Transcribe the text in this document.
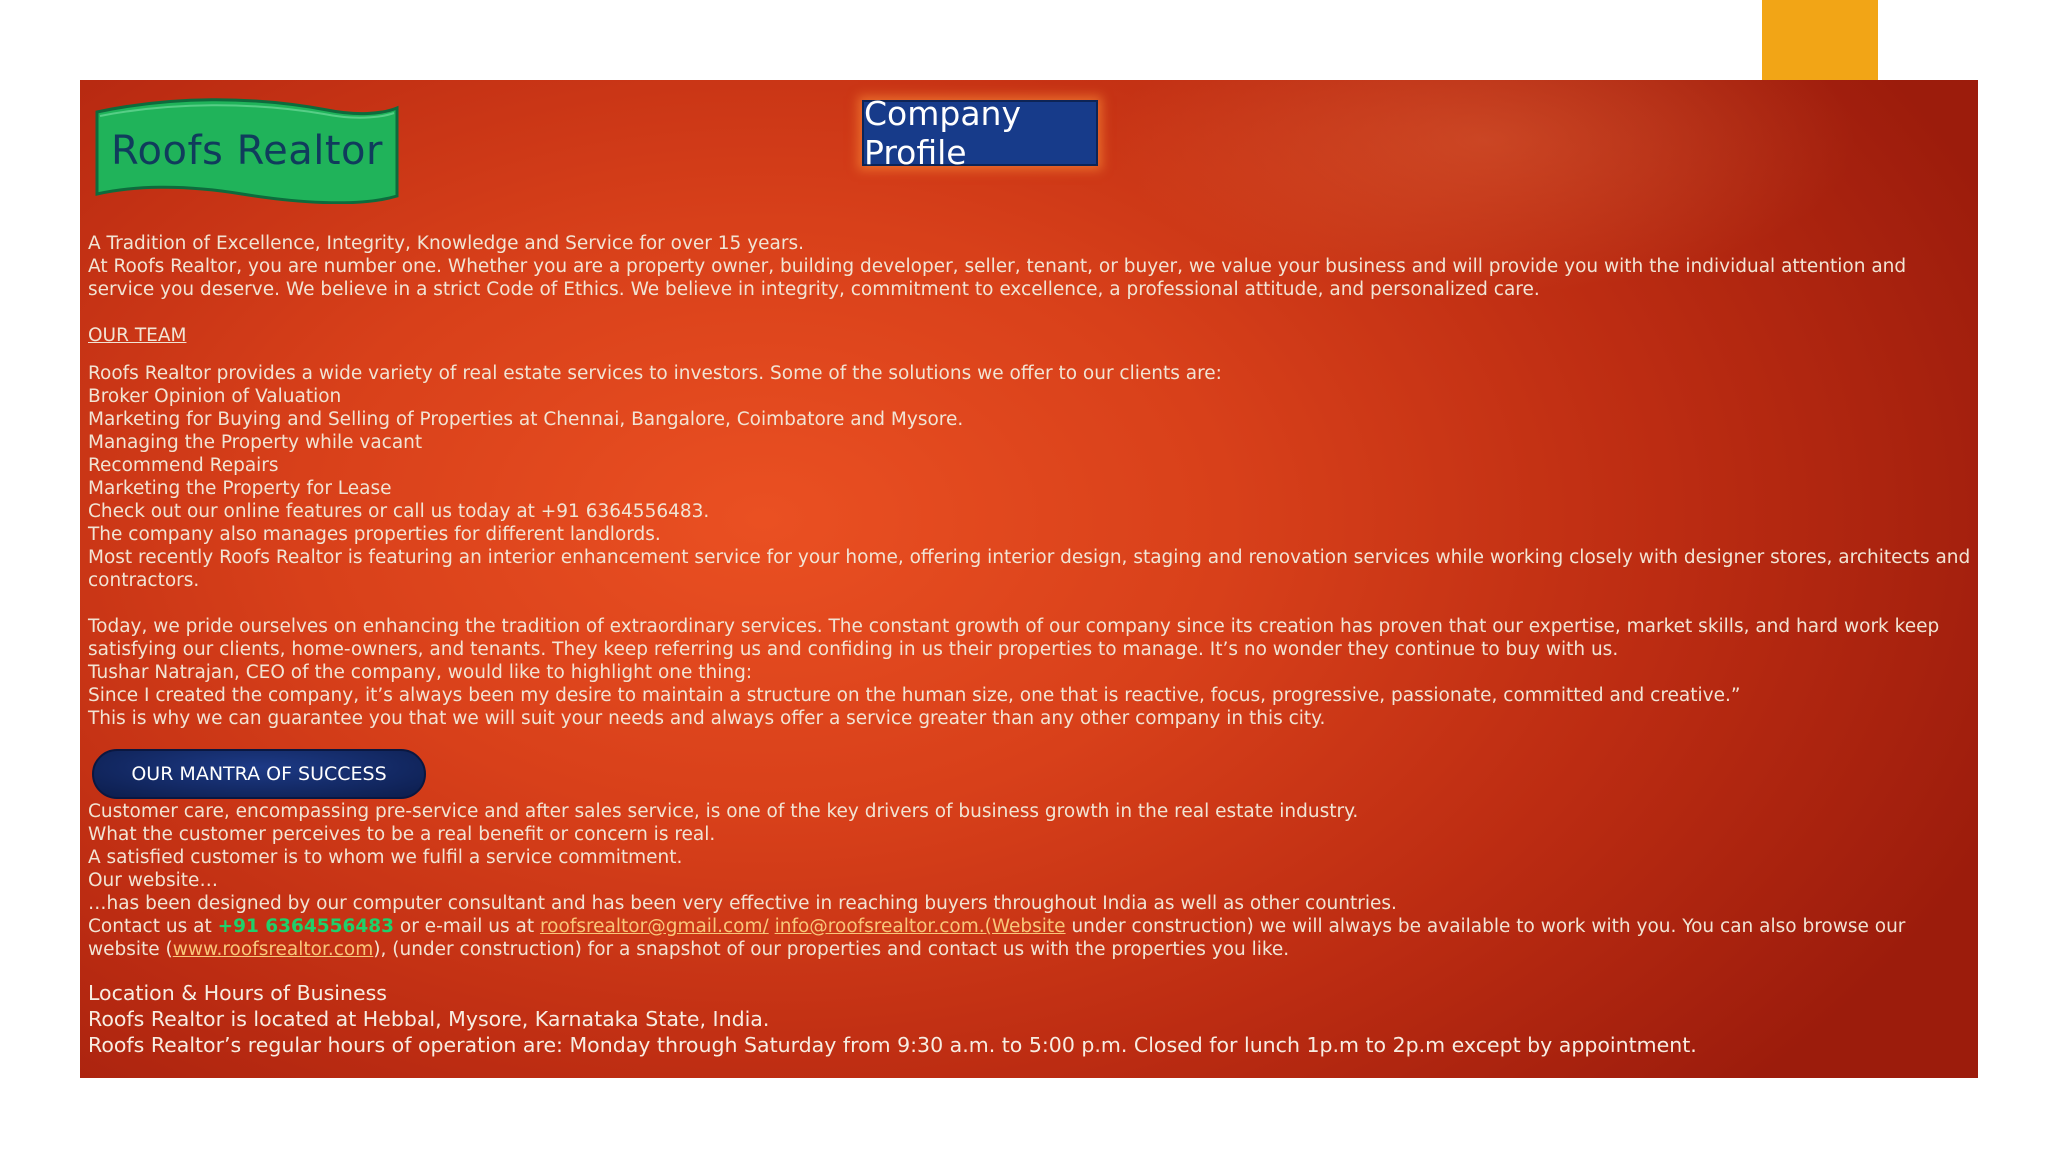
Roofs Realtor
Company Profile
A Tradition of Excellence, Integrity, Knowledge and Service for over 15 years.
At Roofs Realtor, you are number one. Whether you are a property owner, building developer, seller, tenant, or buyer, we value your business and will provide you with the individual attention and
service you deserve. We believe in a strict Code of Ethics. We believe in integrity, commitment to excellence, a professional attitude, and personalized care.
OUR TEAM
Roofs Realtor provides a wide variety of real estate services to investors. Some of the solutions we offer to our clients are:
Broker Opinion of Valuation
Marketing for Buying and Selling of Properties at Chennai, Bangalore, Coimbatore and Mysore.
Managing the Property while vacant
Recommend Repairs
Marketing the Property for Lease
Check out our online features or call us today at +91 6364556483.
The company also manages properties for different landlords.
Most recently Roofs Realtor is featuring an interior enhancement service for your home, offering interior design, staging and renovation services while working closely with designer stores, architects and
contractors.
Today, we pride ourselves on enhancing the tradition of extraordinary services. The constant growth of our company since its creation has proven that our expertise, market skills, and hard work keep
satisfying our clients, home-owners, and tenants. They keep referring us and confiding in us their properties to manage. It’s no wonder they continue to buy with us.
Tushar Natrajan, CEO of the company, would like to highlight one thing:
Since I created the company, it’s always been my desire to maintain a structure on the human size, one that is reactive, focus, progressive, passionate, committed and creative.”
This is why we can guarantee you that we will suit your needs and always offer a service greater than any other company in this city.
OUR MANTRA OF SUCCESS
Customer care, encompassing pre-service and after sales service, is one of the key drivers of business growth in the real estate industry.
What the customer perceives to be a real benefit or concern is real.
A satisfied customer is to whom we fulfil a service commitment.
Our website…
…has been designed by our computer consultant and has been very effective in reaching buyers throughout India as well as other countries.
Contact us at +91 6364556483 or e-mail us at roofsrealtor@gmail.com/ info@roofsrealtor.com.(Website under construction) we will always be available to work with you. You can also browse our
website (www.roofsrealtor.com), (under construction) for a snapshot of our properties and contact us with the properties you like.
Location & Hours of Business
Roofs Realtor is located at Hebbal, Mysore, Karnataka State, India.
Roofs Realtor’s regular hours of operation are: Monday through Saturday from 9:30 a.m. to 5:00 p.m. Closed for lunch 1p.m to 2p.m except by appointment.
